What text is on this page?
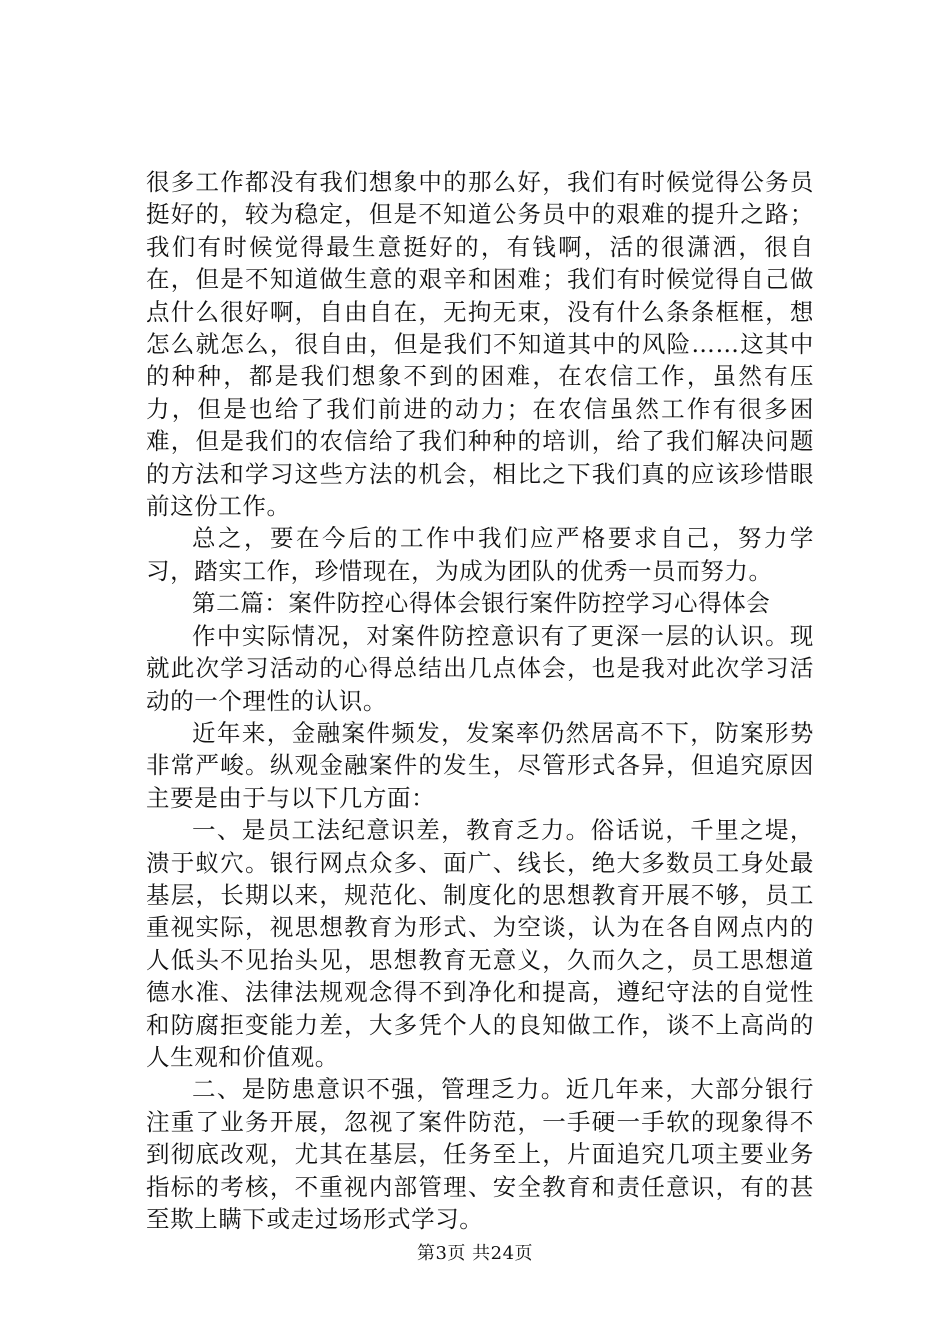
很多工作都没有我们想象中的那么好，我们有时候觉得公务员挺好的，较为稳定，但是不知道公务员中的艰难的提升之路；我们有时候觉得最生意挺好的，有钱啊，活的很潇洒，很自在，但是不知道做生意的艰辛和困难；我们有时候觉得自己做点什么很好啊，自由自在，无拘无束，没有什么条条框框，想怎么就怎么，很自由，但是我们不知道其中的风险……这其中的种种，都是我们想象不到的困难，在农信工作，虽然有压力，但是也给了我们前进的动力；在农信虽然工作有很多困难，但是我们的农信给了我们种种的培训，给了我们解决问题的方法和学习这些方法的机会，相比之下我们真的应该珍惜眼前这份工作。

总之，要在今后的工作中我们应严格要求自己，努力学习，踏实工作，珍惜现在，为成为团队的优秀一员而努力。

第二篇：案件防控心得体会银行案件防控学习心得体会

作中实际情况，对案件防控意识有了更深一层的认识。现就此次学习活动的心得总结出几点体会，也是我对此次学习活动的一个理性的认识。

近年来，金融案件频发，发案率仍然居高不下，防案形势非常严峻。纵观金融案件的发生，尽管形式各异，但追究原因主要是由于与以下几方面：

一、是员工法纪意识差，教育乏力。俗话说，千里之堤，溃于蚁穴。银行网点众多、面广、线长，绝大多数员工身处最基层，长期以来，规范化、制度化的思想教育开展不够，员工重视实际，视思想教育为形式、为空谈，认为在各自网点内的人低头不见抬头见，思想教育无意义，久而久之，员工思想道德水准、法律法规观念得不到净化和提高，遵纪守法的自觉性和防腐拒变能力差，大多凭个人的良知做工作，谈不上高尚的人生观和价值观。

二、是防患意识不强，管理乏力。近几年来，大部分银行注重了业务开展，忽视了案件防范，一手硬一手软的现象得不到彻底改观，尤其在基层，任务至上，片面追究几项主要业务指标的考核，不重视内部管理、安全教育和责任意识，有的甚至欺上瞒下或走过场形式学习。

第3页 共24页
